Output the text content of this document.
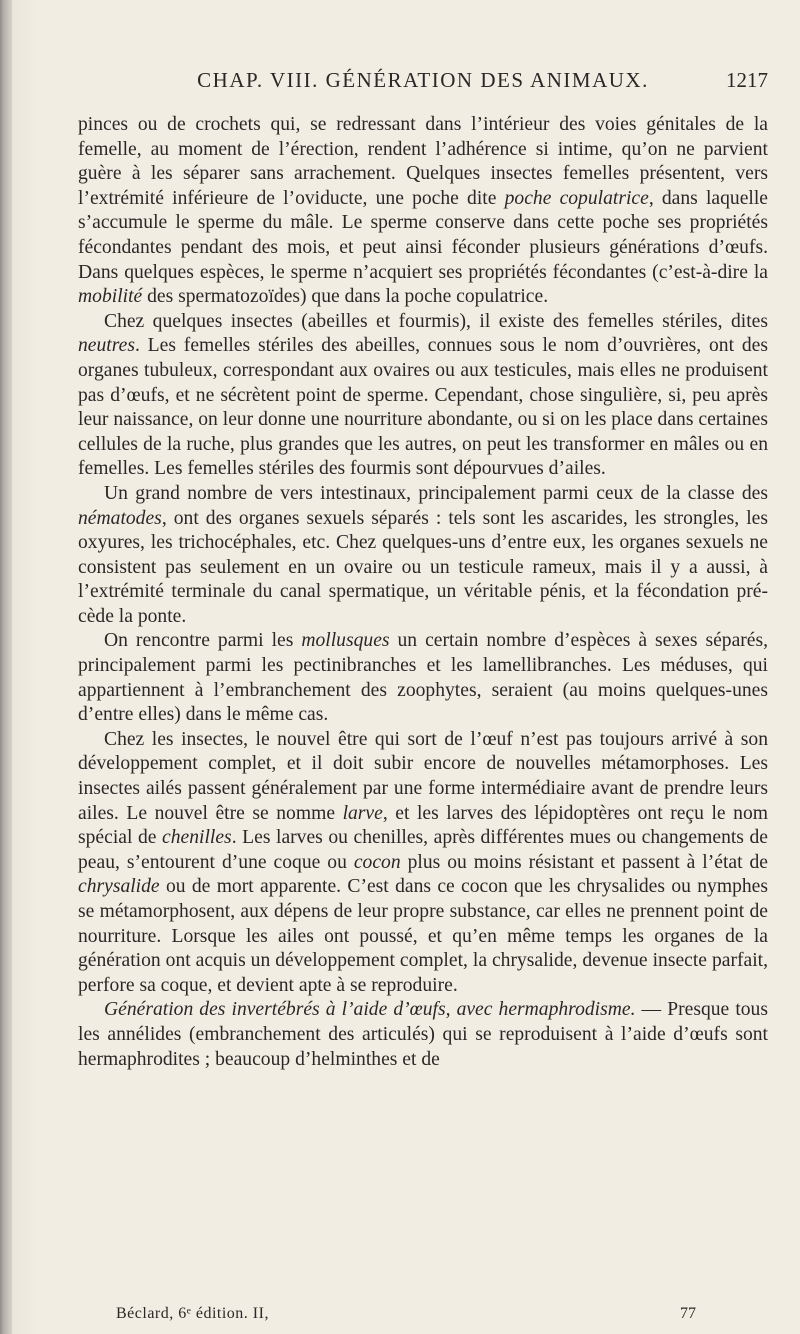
CHAP. VIII. GÉNÉRATION DES ANIMAUX.	1217

pinces ou de crochets qui, se redressant dans l’intérieur des voies génitales de la femelle, au moment de l’érection, rendent l’adhérence si intime, qu’on ne parvient guère à les séparer sans arrachement. Quelques insectes femelles présentent, vers l’extrémité inférieure de l’oviducte, une poche dite poche copulatrice, dans laquelle s’accumule le sperme du mâle. Le sperme conserve dans cette poche ses propriétés fécondantes pendant des mois, et peut ainsi féconder plusieurs générations d’œufs. Dans quelques espèces, le sperme n’acquiert ses propriétés fécondantes (c’est-à-dire la mobilité des spermatozoïdes) que dans la poche copulatrice.

Chez quelques insectes (abeilles et fourmis), il existe des femelles stériles, dites neutres. Les femelles stériles des abeilles, connues sous le nom d’ouvrières, ont des organes tubuleux, correspondant aux ovaires ou aux testicules, mais elles ne produisent pas d’œufs, et ne sécrètent point de sperme. Cependant, chose singulière, si, peu après leur naissance, on leur donne une nourriture abondante, ou si on les place dans certaines cellules de la ruche, plus grandes que les autres, on peut les transformer en mâles ou en femelles. Les femelles stériles des fourmis sont dépourvues d’ailes.

Un grand nombre de vers intestinaux, principalement parmi ceux de la classe des nématodes, ont des organes sexuels séparés : tels sont les ascarides, les strongles, les oxyures, les trichocéphales, etc. Chez quelques-uns d’entre eux, les organes sexuels ne consistent pas seulement en un ovaire ou un testicule rameux, mais il y a aussi, à l’extrémité terminale du canal spermatique, un véritable pénis, et la fécondation précède la ponte.

On rencontre parmi les mollusques un certain nombre d’espèces à sexes séparés, principalement parmi les pectinibranches et les lamellibranches. Les méduses, qui appartiennent à l’embranchement des zoophytes, seraient (au moins quelques-unes d’entre elles) dans le même cas.

Chez les insectes, le nouvel être qui sort de l’œuf n’est pas toujours arrivé à son développement complet, et il doit subir encore de nouvelles métamorphoses. Les insectes ailés passent généralement par une forme intermédiaire avant de prendre leurs ailes. Le nouvel être se nomme larve, et les larves des lépidoptères ont reçu le nom spécial de chenilles. Les larves ou chenilles, après différentes mues ou changements de peau, s’entourent d’une coque ou cocon plus ou moins résistant et passent à l’état de chrysalide ou de mort apparente. C’est dans ce cocon que les chrysalides ou nymphes se métamorphosent, aux dépens de leur propre substance, car elles ne prennent point de nourriture. Lorsque les ailes ont poussé, et qu’en même temps les organes de la génération ont acquis un développement complet, la chrysalide, devenue insecte parfait, perfore sa coque, et devient apte à se reproduire.

Génération des invertébrés à l’aide d’œufs, avec hermaphrodisme. — Presque tous les annélides (embranchement des articulés) qui se reproduisent à l’aide d’œufs sont hermaphrodites ; beaucoup d’helminthes et de

Béclard, 6ᵉ édition. II,	77
